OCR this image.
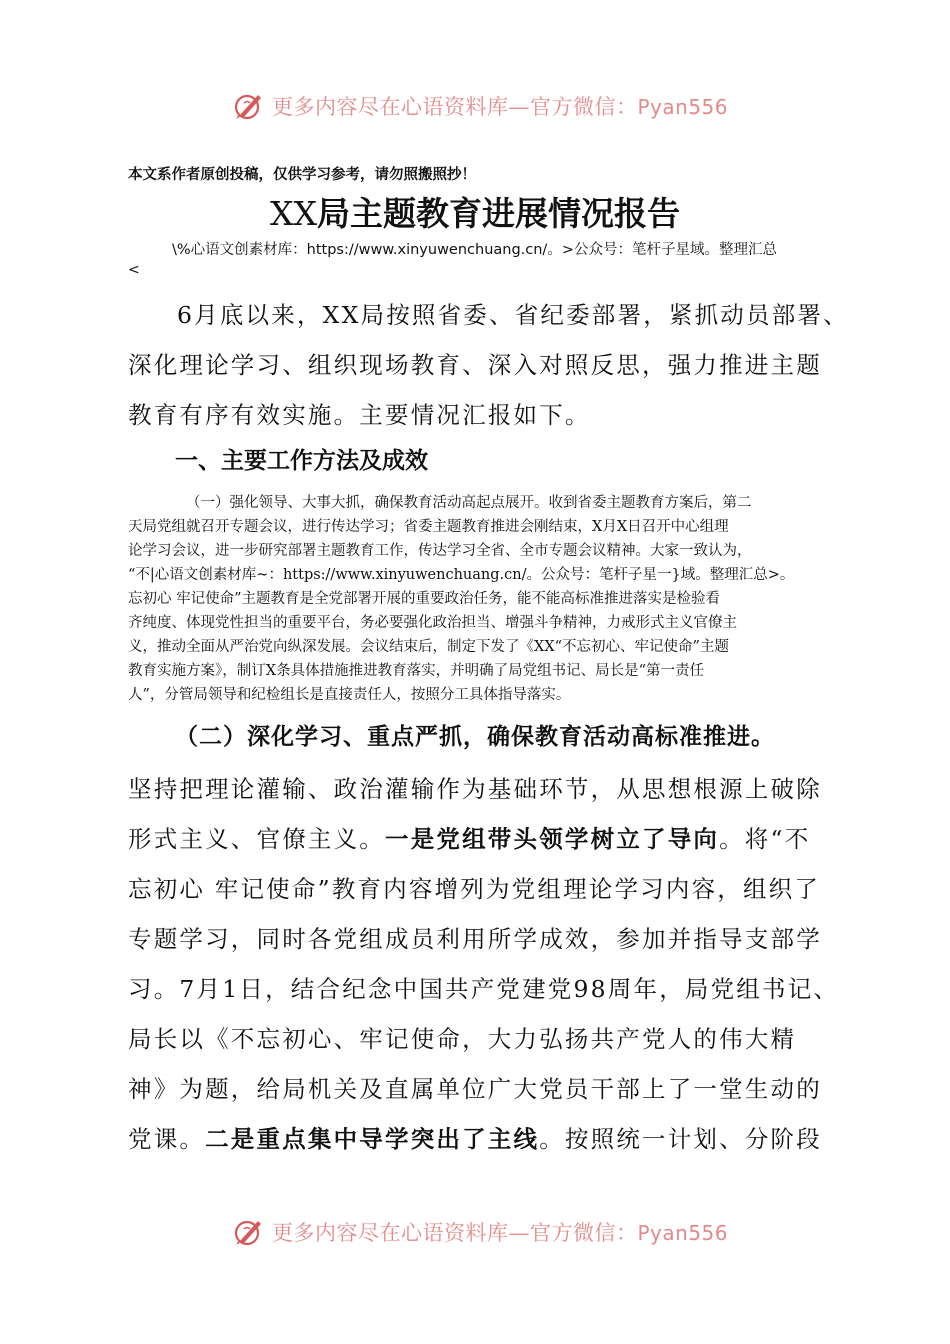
更多内容尽在心语资料库—官方微信：Pyan556
本文系作者原创投稿，仅供学习参考，请勿照搬照抄！
XX局主题教育进展情况报告
\%心语文创素材库：https://www.xinyuwenchuang.cn/。>公众号：笔杆子星域。整理汇总
<
6月底以来，XX局按照省委、省纪委部署，紧抓动员部署、
深化理论学习、组织现场教育、深入对照反思，强力推进主题
教育有序有效实施。主要情况汇报如下。
一、主要工作方法及成效
（一）强化领导、大事大抓，确保教育活动高起点展开。收到省委主题教育方案后，第二
天局党组就召开专题会议，进行传达学习；省委主题教育推进会刚结束，X月X日召开中心组理
论学习会议，进一步研究部署主题教育工作，传达学习全省、全市专题会议精神。大家一致认为，
“不|心语文创素材库~：https://www.xinyuwenchuang.cn/。公众号：笔杆子星一}域。整理汇总>。
忘初心 牢记使命”主题教育是全党部署开展的重要政治任务，能不能高标准推进落实是检验看
齐纯度、体现党性担当的重要平台，务必要强化政治担当、增强斗争精神，力戒形式主义官僚主
义，推动全面从严治党向纵深发展。会议结束后，制定下发了《XX“不忘初心、牢记使命”主题
教育实施方案》，制订X条具体措施推进教育落实，并明确了局党组书记、局长是“第一责任
人”，分管局领导和纪检组长是直接责任人，按照分工具体指导落实。
（二）深化学习、重点严抓，确保教育活动高标准推进。
坚持把理论灌输、政治灌输作为基础环节，从思想根源上破除
形式主义、官僚主义。一是党组带头领学树立了导向。将“不
忘初心 牢记使命”教育内容增列为党组理论学习内容，组织了
专题学习，同时各党组成员利用所学成效，参加并指导支部学
习。7月1日，结合纪念中国共产党建党98周年，局党组书记、
局长以《不忘初心、牢记使命，大力弘扬共产党人的伟大精
神》为题，给局机关及直属单位广大党员干部上了一堂生动的
党课。二是重点集中导学突出了主线。按照统一计划、分阶段
更多内容尽在心语资料库—官方微信：Pyan556
